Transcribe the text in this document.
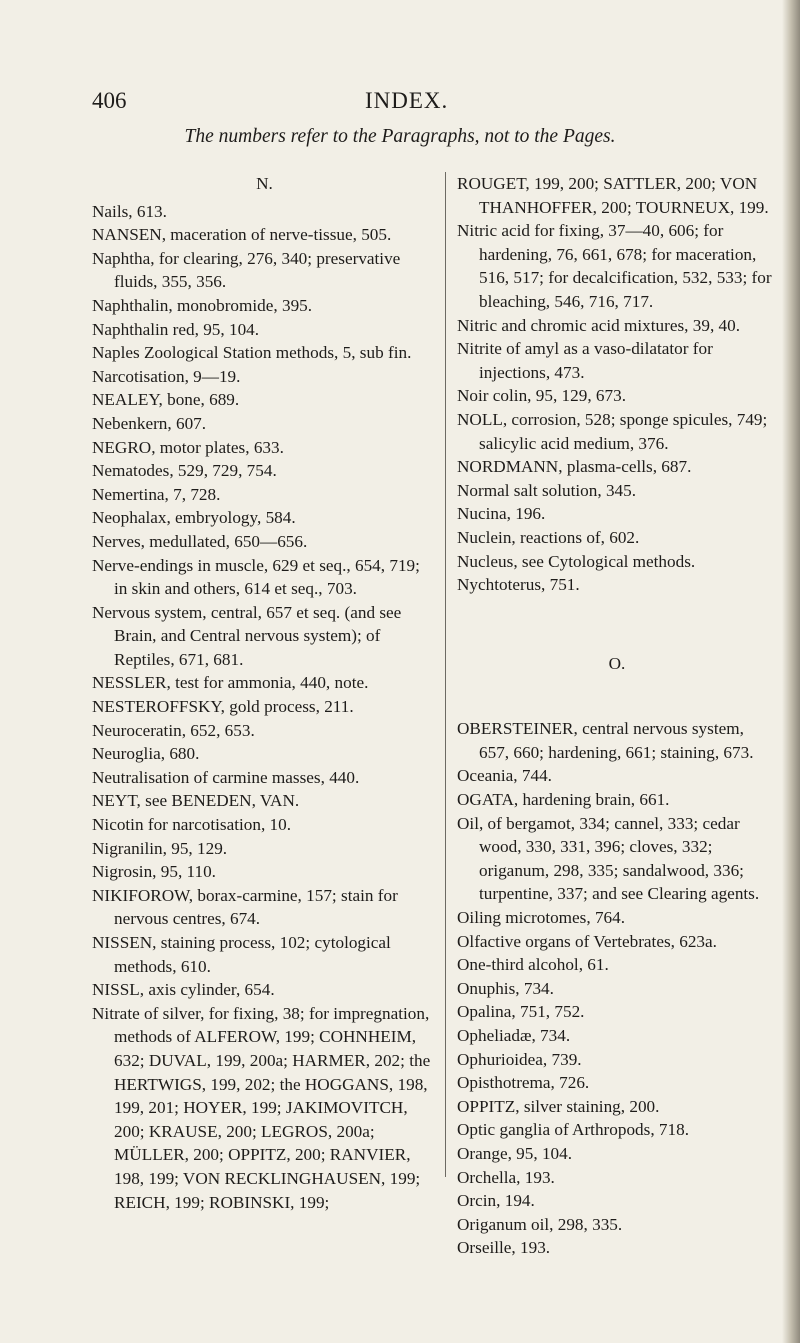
406	INDEX.
The numbers refer to the Paragraphs, not to the Pages.
N.

Nails, 613.

NANSEN, maceration of nerve-tissue, 505.

Naphtha, for clearing, 276, 340; preservative fluids, 355, 356.

Naphthalin, monobromide, 395.

Naphthalin red, 95, 104.

Naples Zoological Station methods, 5, sub fin.

Narcotisation, 9—19.

NEALEY, bone, 689.

Nebenkern, 607.

NEGRO, motor plates, 633.

Nematodes, 529, 729, 754.

Nemertina, 7, 728.

Neophalax, embryology, 584.

Nerves, medullated, 650—656.

Nerve-endings in muscle, 629 et seq., 654, 719; in skin and others, 614 et seq., 703.

Nervous system, central, 657 et seq. (and see Brain, and Central nervous system); of Reptiles, 671, 681.

NESSLER, test for ammonia, 440, note.

NESTEROFFSKY, gold process, 211.

Neuroceratin, 652, 653.

Neuroglia, 680.

Neutralisation of carmine masses, 440.

NEYT, see BENEDEN, VAN.

Nicotin for narcotisation, 10.

Nigranilin, 95, 129.

Nigrosin, 95, 110.

NIKIFOROW, borax-carmine, 157; stain for nervous centres, 674.

NISSEN, staining process, 102; cytological methods, 610.

NISSL, axis cylinder, 654.

Nitrate of silver, for fixing, 38; for impregnation, methods of ALFEROW, 199; COHNHEIM, 632; DUVAL, 199, 200a; HARMER, 202; the HERTWIGS, 199, 202; the HOGGANS, 198, 199, 201; HOYER, 199; JAKIMOVITCH, 200; KRAUSE, 200; LEGROS, 200a; MÜLLER, 200; OPPITZ, 200; RANVIER, 198, 199; VON RECKLINGHAUSEN, 199; REICH, 199; ROBINSKI, 199;

ROUGET, 199, 200; SATTLER, 200; VON THANHOFFER, 200; TOURNEUX, 199.

Nitric acid for fixing, 37—40, 606; for hardening, 76, 661, 678; for maceration, 516, 517; for decalcification, 532, 533; for bleaching, 546, 716, 717.

Nitric and chromic acid mixtures, 39, 40.

Nitrite of amyl as a vaso-dilatator for injections, 473.

Noir colin, 95, 129, 673.

NOLL, corrosion, 528; sponge spicules, 749; salicylic acid medium, 376.

NORDMANN, plasma-cells, 687.

Normal salt solution, 345.

Nucina, 196.

Nuclein, reactions of, 602.

Nucleus, see Cytological methods.

Nychtoterus, 751.

O.

OBERSTEINER, central nervous system, 657, 660; hardening, 661; staining, 673.

Oceania, 744.

OGATA, hardening brain, 661.

Oil, of bergamot, 334; cannel, 333; cedar wood, 330, 331, 396; cloves, 332; origanum, 298, 335; sandalwood, 336; turpentine, 337; and see Clearing agents.

Oiling microtomes, 764.

Olfactive organs of Vertebrates, 623a.

One-third alcohol, 61.

Onuphis, 734.

Opalina, 751, 752.

Opheliadæ, 734.

Ophurioidea, 739.

Opisthotrema, 726.

OPPITZ, silver staining, 200.

Optic ganglia of Arthropods, 718.

Orange, 95, 104.

Orchella, 193.

Orcin, 194.

Origanum oil, 298, 335.

Orseille, 193.
